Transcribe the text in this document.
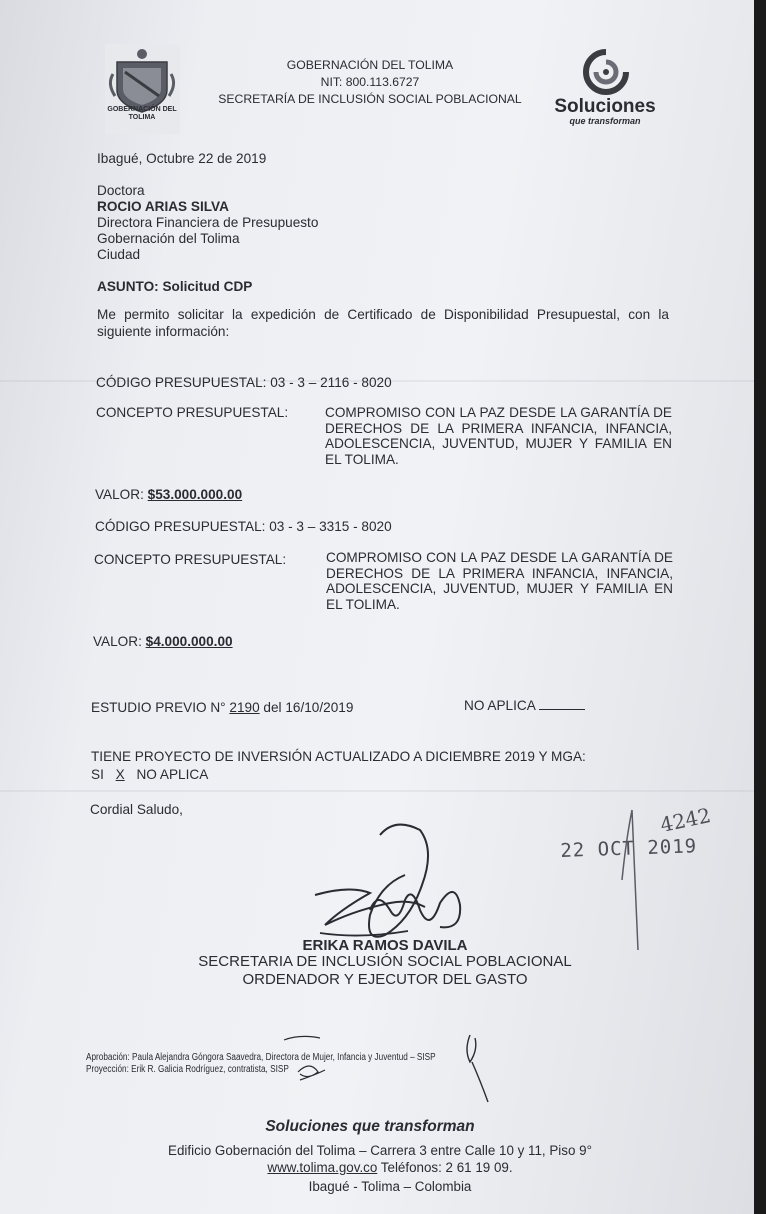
GOBERNACIÓN DEL TOLIMA
GOBERNACIÓN DEL TOLIMA
NIT: 800.113.6727
SECRETARÍA DE INCLUSIÓN SOCIAL POBLACIONAL	Soluciones
que transforman
Ibagué, Octubre 22 de 2019
Doctora
ROCIO ARIAS SILVA
Directora Financiera de Presupuesto
Gobernación del Tolima
Ciudad
ASUNTO: Solicitud CDP
Me permito solicitar la expedición de Certificado de Disponibilidad Presupuestal, con la
siguiente información:
CÓDIGO PRESUPUESTAL: 03 - 3 – 2116 - 8020
CONCEPTO PRESUPUESTAL:	COMPROMISO CON LA PAZ DESDE LA GARANTÍA DE DERECHOS DE LA PRIMERA INFANCIA, INFANCIA, ADOLESCENCIA, JUVENTUD, MUJER Y FAMILIA EN EL TOLIMA.
VALOR: $53.000.000.00
CÓDIGO PRESUPUESTAL: 03 - 3 – 3315 - 8020
CONCEPTO PRESUPUESTAL:	COMPROMISO CON LA PAZ DESDE LA GARANTÍA DE DERECHOS DE LA PRIMERA INFANCIA, INFANCIA, ADOLESCENCIA, JUVENTUD, MUJER Y FAMILIA EN EL TOLIMA.
VALOR: $4.000.000.00
ESTUDIO PREVIO N° 2190 del 16/10/2019	NO APLICA
TIENE PROYECTO DE INVERSIÓN ACTUALIZADO A DICIEMBRE 2019 Y MGA:
SI X NO APLICA
Cordial Saludo,
22 OCT 2019
4242
ERIKA RAMOS DAVILA
SECRETARIA DE INCLUSIÓN SOCIAL POBLACIONAL
ORDENADOR Y EJECUTOR DEL GASTO
Aprobación: Paula Alejandra Góngora Saavedra, Directora de Mujer, Infancia y Juventud – SISP
Proyección: Erik R. Galicia Rodríguez, contratista, SISP
Soluciones que transforman
Edificio Gobernación del Tolima – Carrera 3 entre Calle 10 y 11, Piso 9°
www.tolima.gov.co Teléfonos: 2 61 19 09.
Ibagué - Tolima – Colombia
